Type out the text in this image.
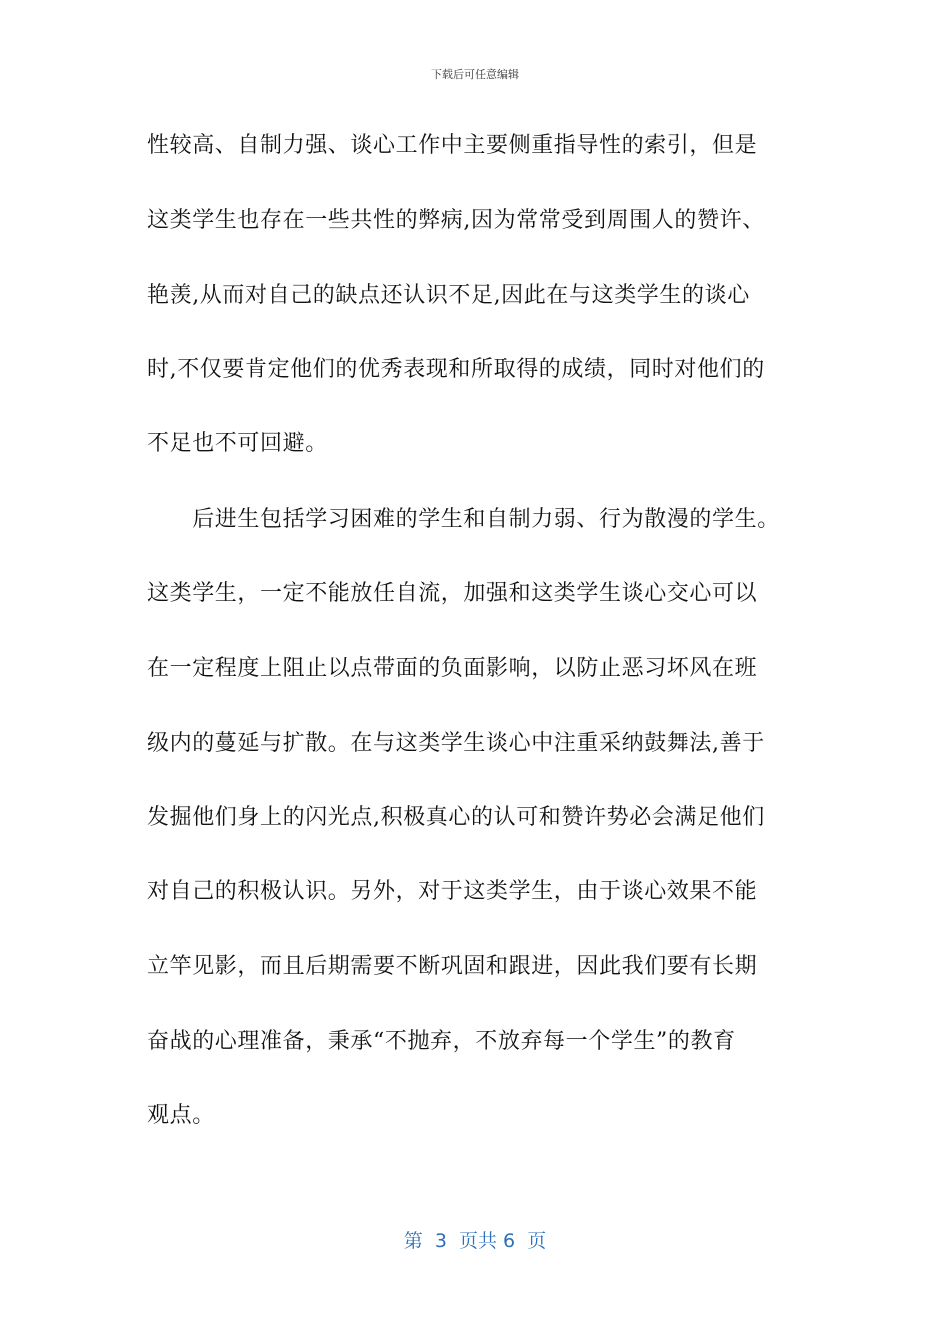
下载后可任意编辑
性较高、自制力强、谈心工作中主要侧重指导性的索引，但是
这类学生也存在一些共性的弊病,因为常常受到周围人的赞许、
艳羡,从而对自己的缺点还认识不足,因此在与这类学生的谈心
时,不仅要肯定他们的优秀表现和所取得的成绩，同时对他们的
不足也不可回避。
　　后进生包括学习困难的学生和自制力弱、行为散漫的学生。
这类学生，一定不能放任自流，加强和这类学生谈心交心可以
在一定程度上阻止以点带面的负面影响，以防止恶习坏风在班
级内的蔓延与扩散。在与这类学生谈心中注重采纳鼓舞法,善于
发掘他们身上的闪光点,积极真心的认可和赞许势必会满足他们
对自己的积极认识。另外，对于这类学生，由于谈心效果不能
立竿见影，而且后期需要不断巩固和跟进，因此我们要有长期
奋战的心理准备，秉承“不抛弃，不放弃每一个学生”的教育
观点。
第  3  页共 6  页
